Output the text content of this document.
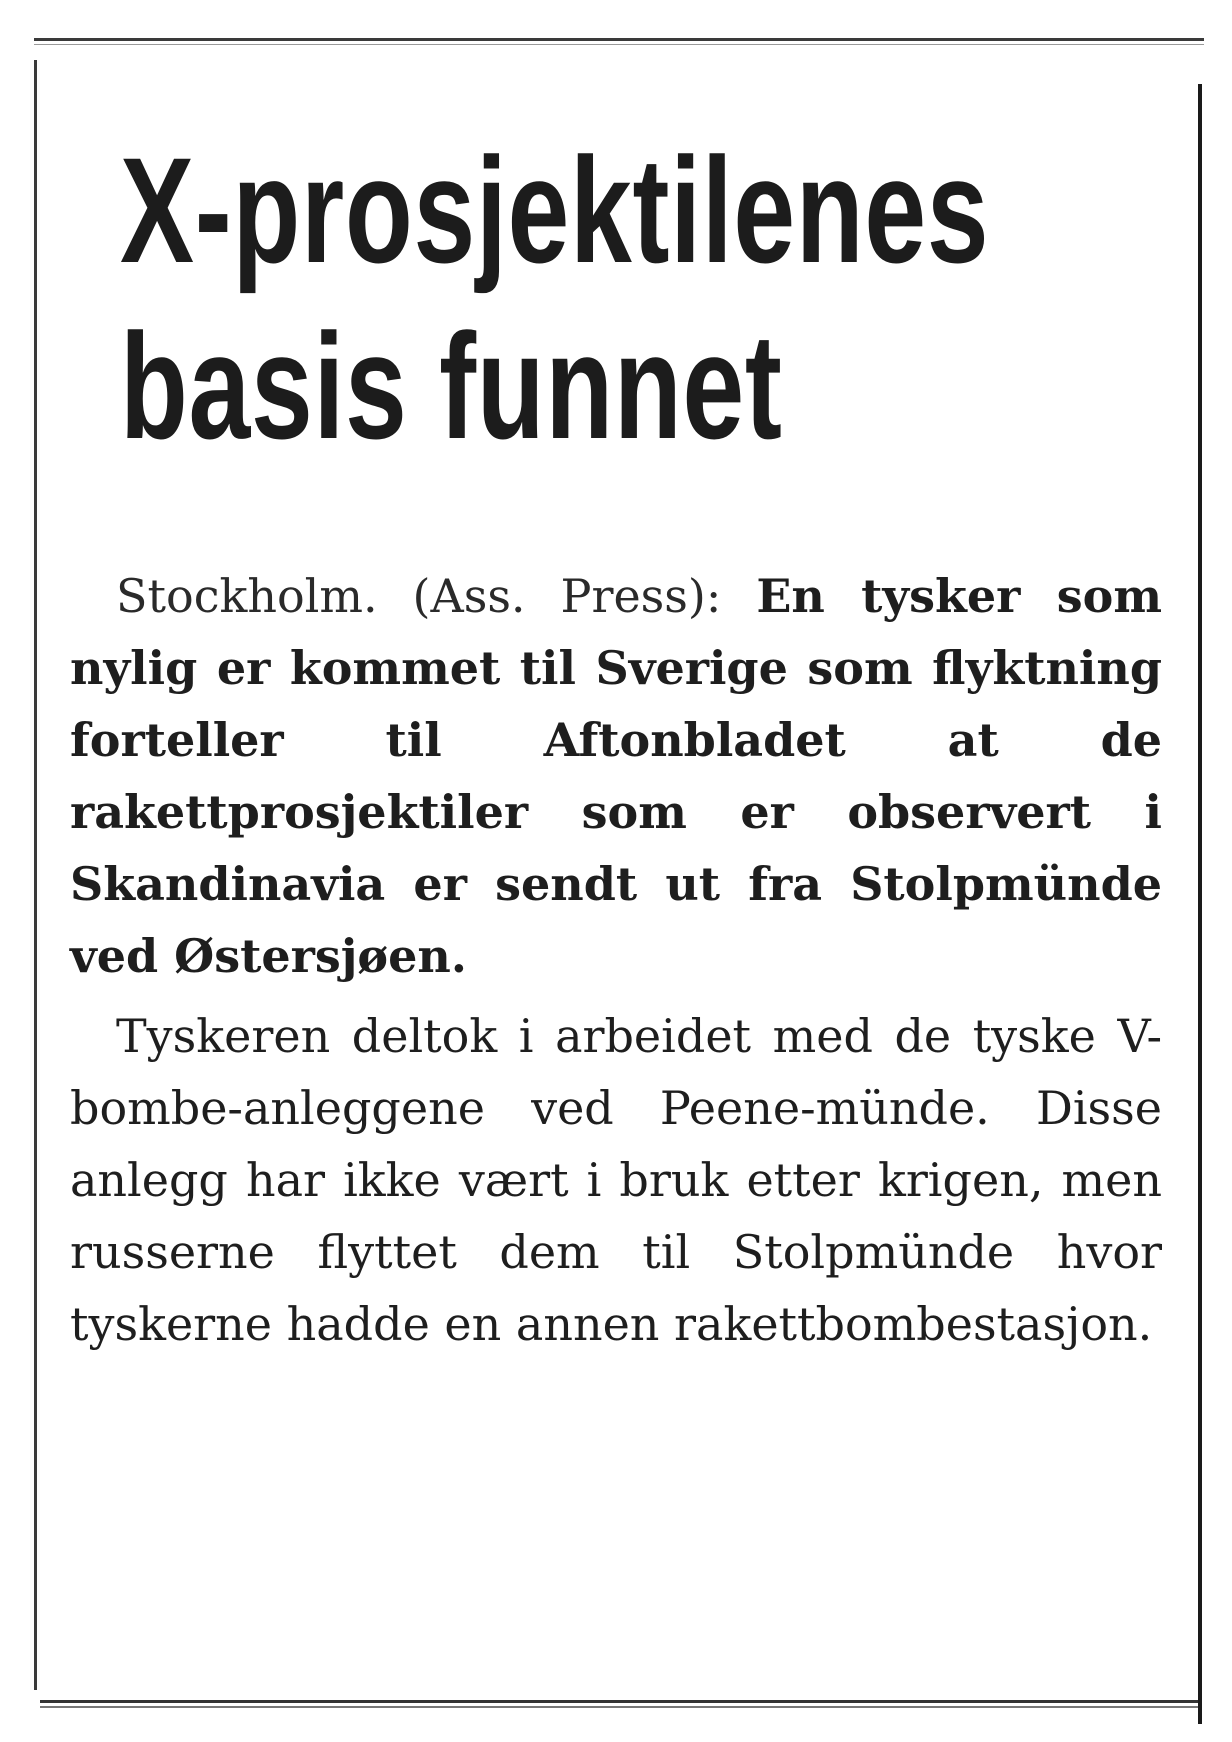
X-prosjektilenes
basis funnet

Stockholm. (Ass. Press): En tysker som nylig er kommet til Sverige som flyktning forteller til Aftonbladet at de rakettprosjektiler som er observert i Skandinavia er sendt ut fra Stolpmünde ved Østersjøen.

Tyskeren deltok i arbeidet med de tyske V-bombe-anleggene ved Peene-münde. Disse anlegg har ikke vært i bruk etter krigen, men russerne flyttet dem til Stolpmünde hvor tyskerne hadde en annen rakettbombestasjon.
